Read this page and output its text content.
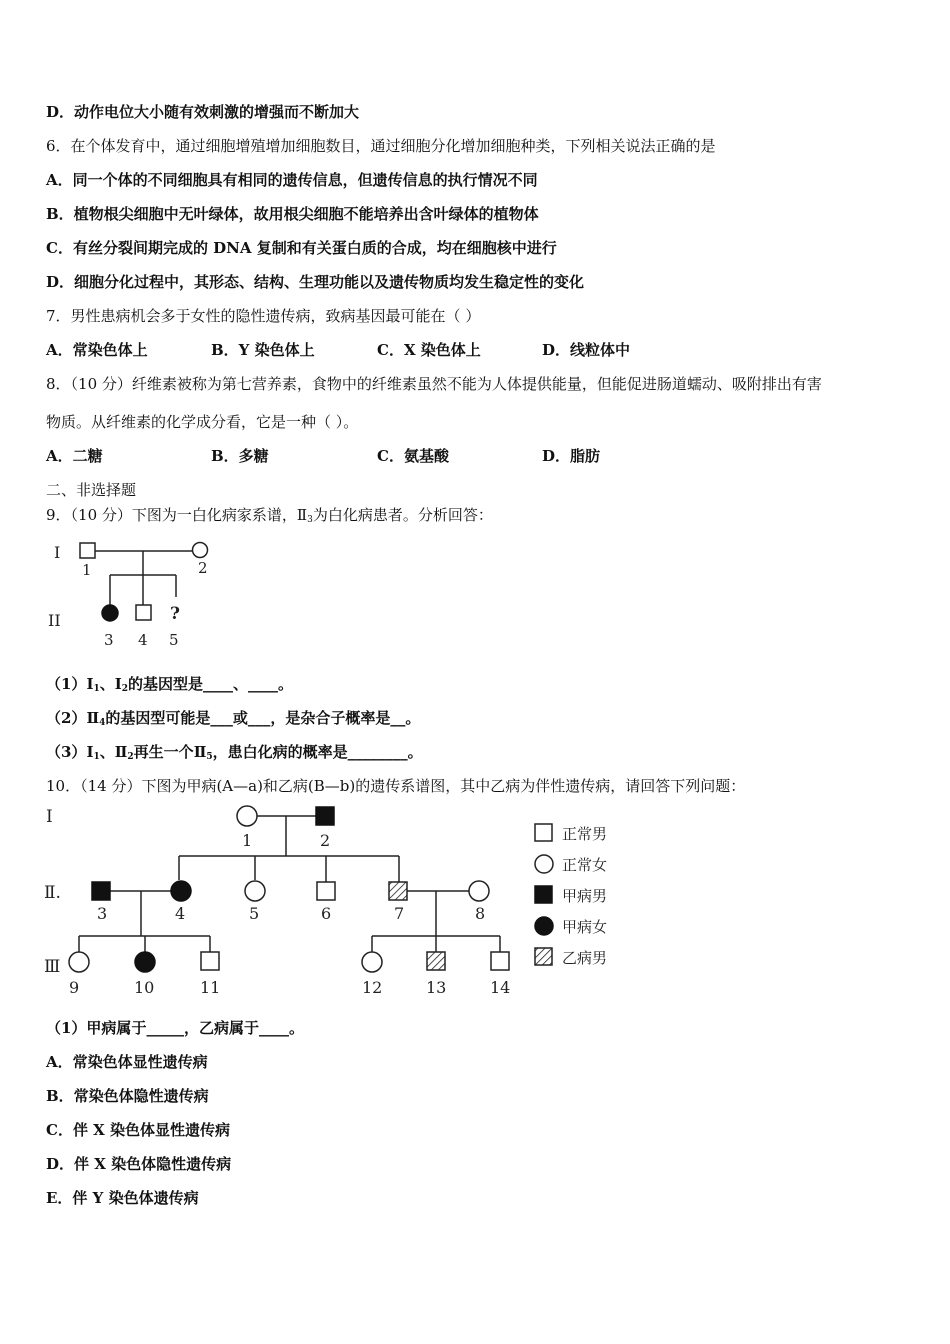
D．动作电位大小随有效刺激的增强而不断加大
6．在个体发育中，通过细胞增殖增加细胞数目，通过细胞分化增加细胞种类，下列相关说法正确的是
A．同一个体的不同细胞具有相同的遗传信息，但遗传信息的执行情况不同
B．植物根尖细胞中无叶绿体，故用根尖细胞不能培养出含叶绿体的植物体
C．有丝分裂间期完成的 DNA 复制和有关蛋白质的合成，均在细胞核中进行
D．细胞分化过程中，其形态、结构、生理功能以及遗传物质均发生稳定性的变化
7．男性患病机会多于女性的隐性遗传病，致病基因最可能在（ ）
A．常染色体上	B．Y 染色体上	C．X 染色体上	D．线粒体中
8．（10 分）纤维素被称为第七营养素，食物中的纤维素虽然不能为人体提供能量，但能促进肠道蠕动、吸附排出有害
物质。从纤维素的化学成分看，它是一种（ ）。
A．二糖	B．多糖	C．氨基酸	D．脂肪
二、非选择题
9．（10 分）下图为一白化病家系谱，$Ⅱ_3$为白化病患者。分析回答：
I
1	2
II
3 4
?
5
$(1)Ⅰ_1$、$Ⅰ_2$的基因型是____、____。
$(2)Ⅱ_4$的基因型可能是___或___，是杂合子概率是__。
$(3)Ⅰ_1$、$Ⅱ_2$再生一个$Ⅱ_5$，患白化病的概率是________。
10．（14 分）下图为甲病(A—a)和乙病(B—b)的遗传系谱图，其中乙病为伴性遗传病，请回答下列问题：
I
Ⅱ.
Ⅲ
1	2
3	4	5	6	7	8
9	10	11	12	13	14
正常男
正常女
甲病男
甲病女
乙病男
（1）甲病属于_____，乙病属于____。
A．常染色体显性遗传病
B．常染色体隐性遗传病
C．伴 X 染色体显性遗传病
D．伴 X 染色体隐性遗传病
E．伴 Y 染色体遗传病
